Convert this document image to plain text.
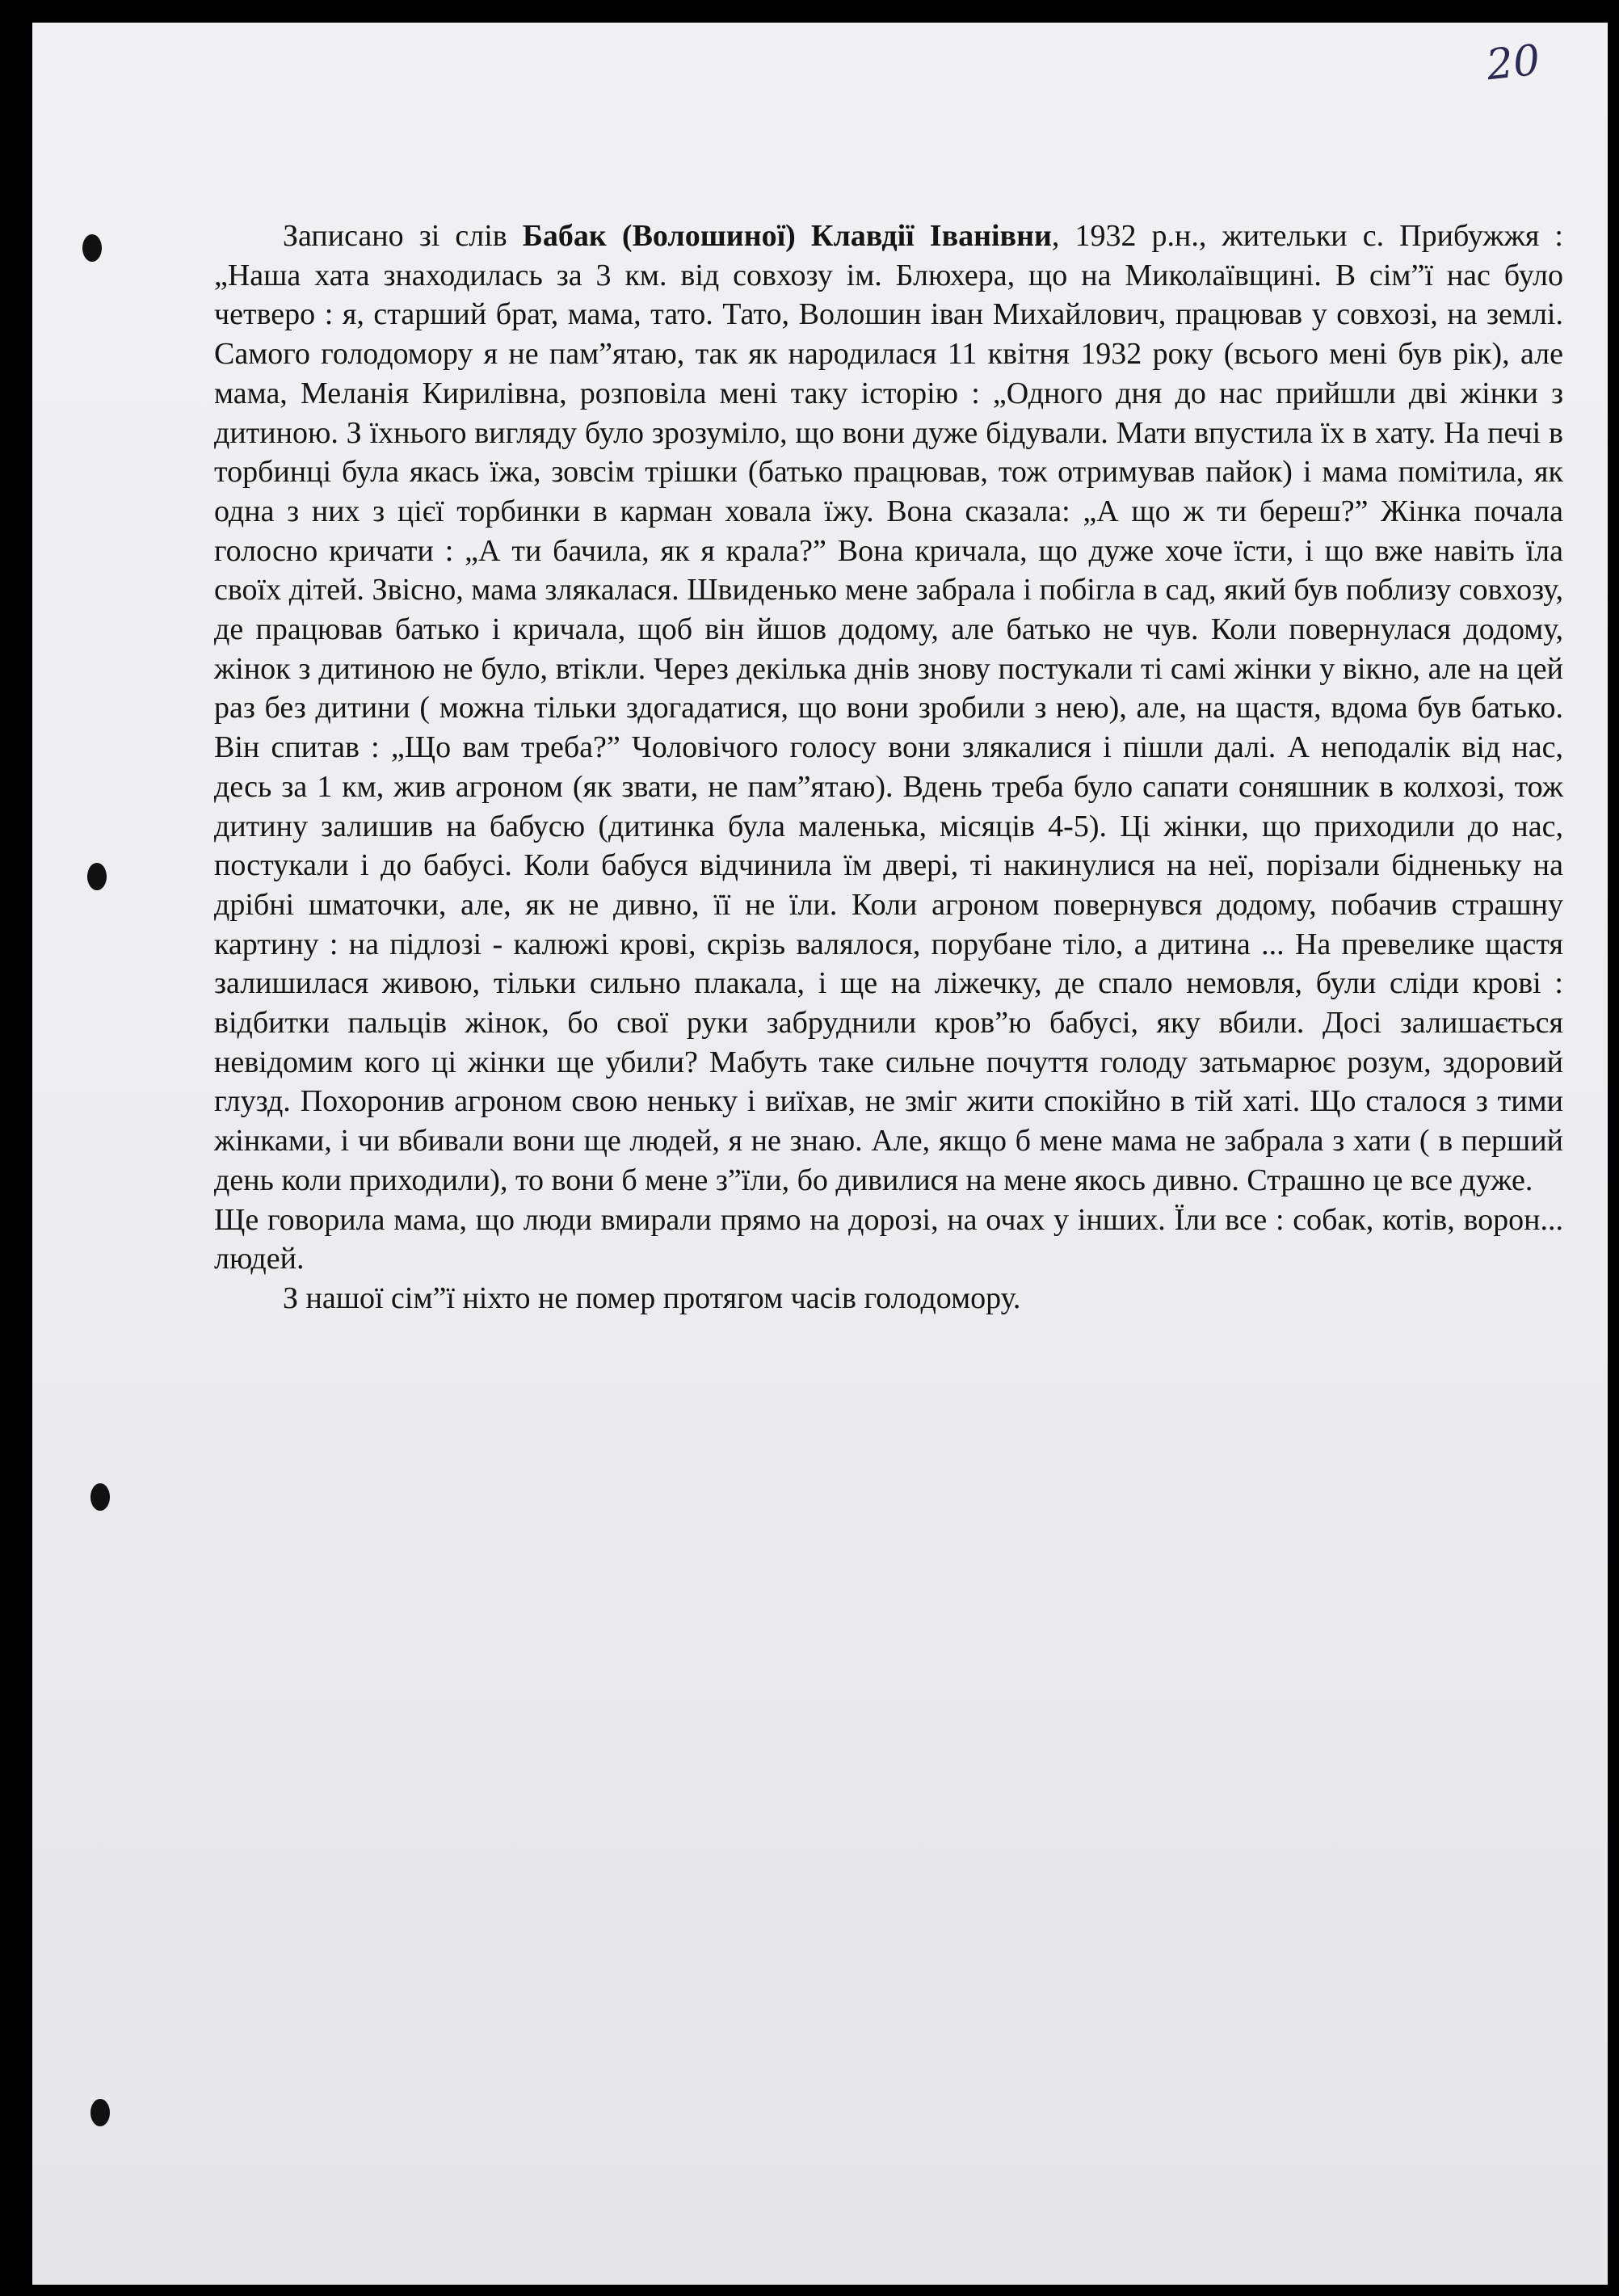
20

Записано зі слів Бабак (Волошиної) Клавдії Іванівни, 1932 р.н., жительки с. Прибужжя : „Наша хата знаходилась за 3 км. від совхозу ім. Блюхера, що на Миколаївщині. В сім”ї нас було четверо : я, старший брат, мама, тато. Тато, Волошин іван Михайлович, працював у совхозі, на землі. Самого голодомору я не пам”ятаю, так як народилася 11 квітня 1932 року (всього мені був рік), але мама, Меланія Кирилівна, розповіла мені таку історію : „Одного дня до нас прийшли дві жінки з дитиною. З їхнього вигляду було зрозуміло, що вони дуже бідували. Мати впустила їх в хату. На печі в торбинці була якась їжа, зовсім трішки (батько працював, тож отримував пайок) і мама помітила, як одна з них з цієї торбинки в карман ховала їжу. Вона сказала: „А що ж ти береш?” Жінка почала голосно кричати : „А ти бачила, як я крала?” Вона кричала, що дуже хоче їсти, і що вже навіть їла своїх дітей. Звісно, мама злякалася. Швиденько мене забрала і побігла в сад, який був поблизу совхозу, де працював батько і кричала, щоб він йшов додому, але батько не чув. Коли повернулася додому, жінок з дитиною не було, втікли. Через декілька днів знову постукали ті самі жінки у вікно, але на цей раз без дитини ( можна тільки здогадатися, що вони зробили з нею), але, на щастя, вдома був батько. Він спитав : „Що вам треба?” Чоловічого голосу вони злякалися і пішли далі. А неподалік від нас, десь за 1 км, жив агроном (як звати, не пам”ятаю). Вдень треба було сапати соняшник в колхозі, тож дитину залишив на бабусю (дитинка була маленька, місяців 4-5). Ці жінки, що приходили до нас, постукали і до бабусі. Коли бабуся відчинила їм двері, ті накинулися на неї, порізали бідненьку на дрібні шматочки, але, як не дивно, її не їли. Коли агроном повернувся додому, побачив страшну картину : на підлозі - калюжі крові, скрізь валялося, порубане тіло, а дитина ... На превелике щастя залишилася живою, тільки сильно плакала, і ще на ліжечку, де спало немовля, були сліди крові : відбитки пальців жінок, бо свої руки забруднили кров”ю бабусі, яку вбили. Досі залишається невідомим кого ці жінки ще убили? Мабуть таке сильне почуття голоду затьмарює розум, здоровий глузд. Похоронив агроном свою неньку і виїхав, не зміг жити спокійно в тій хаті. Що сталося з тими жінками, і чи вбивали вони ще людей, я не знаю. Але, якщо б мене мама не забрала з хати ( в перший день коли приходили), то вони б мене з”їли, бо дивилися на мене якось дивно. Страшно це все дуже.

Ще говорила мама, що люди вмирали прямо на дорозі, на очах у інших. Їли все : собак, котів, ворон... людей.

З нашої сім”ї ніхто не помер протягом часів голодомору.
